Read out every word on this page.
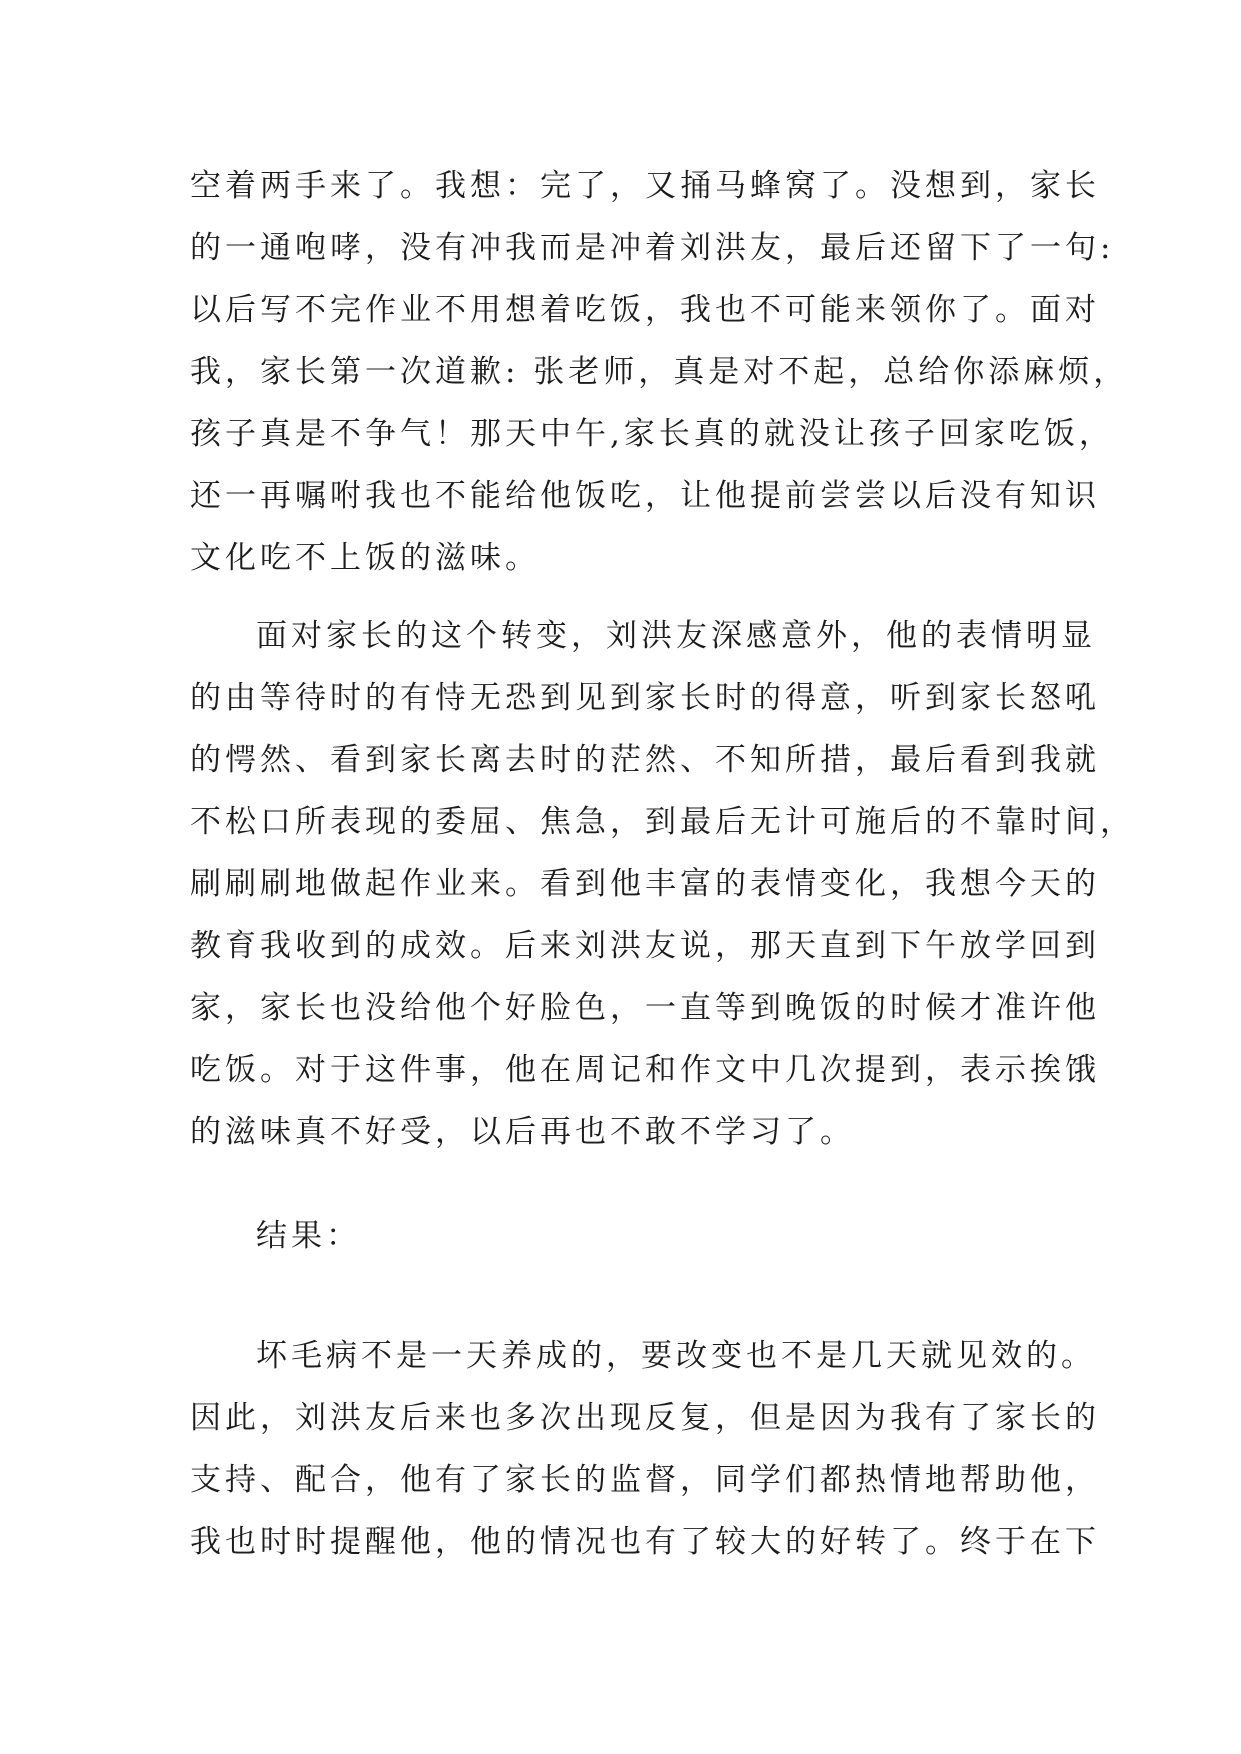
空着两手来了。我想：完了，又捅马蜂窝了。没想到，家长
的一通咆哮，没有冲我而是冲着刘洪友，最后还留下了一句:
以后写不完作业不用想着吃饭，我也不可能来领你了。面对
我，家长第一次道歉: 张老师，真是对不起，总给你添麻烦，
孩子真是不争气！那天中午,家长真的就没让孩子回家吃饭，
还一再嘱咐我也不能给他饭吃，让他提前尝尝以后没有知识
文化吃不上饭的滋味。
面对家长的这个转变，刘洪友深感意外，他的表情明显
的由等待时的有恃无恐到见到家长时的得意，听到家长怒吼
的愕然、看到家长离去时的茫然、不知所措，最后看到我就
不松口所表现的委屈、焦急，到最后无计可施后的不靠时间，
刷刷刷地做起作业来。看到他丰富的表情变化，我想今天的
教育我收到的成效。后来刘洪友说，那天直到下午放学回到
家，家长也没给他个好脸色，一直等到晚饭的时候才准许他
吃饭。对于这件事，他在周记和作文中几次提到，表示挨饿
的滋味真不好受，以后再也不敢不学习了。
结果：
坏毛病不是一天养成的，要改变也不是几天就见效的。
因此，刘洪友后来也多次出现反复，但是因为我有了家长的
支持、配合，他有了家长的监督，同学们都热情地帮助他，
我也时时提醒他，他的情况也有了较大的好转了。终于在下
